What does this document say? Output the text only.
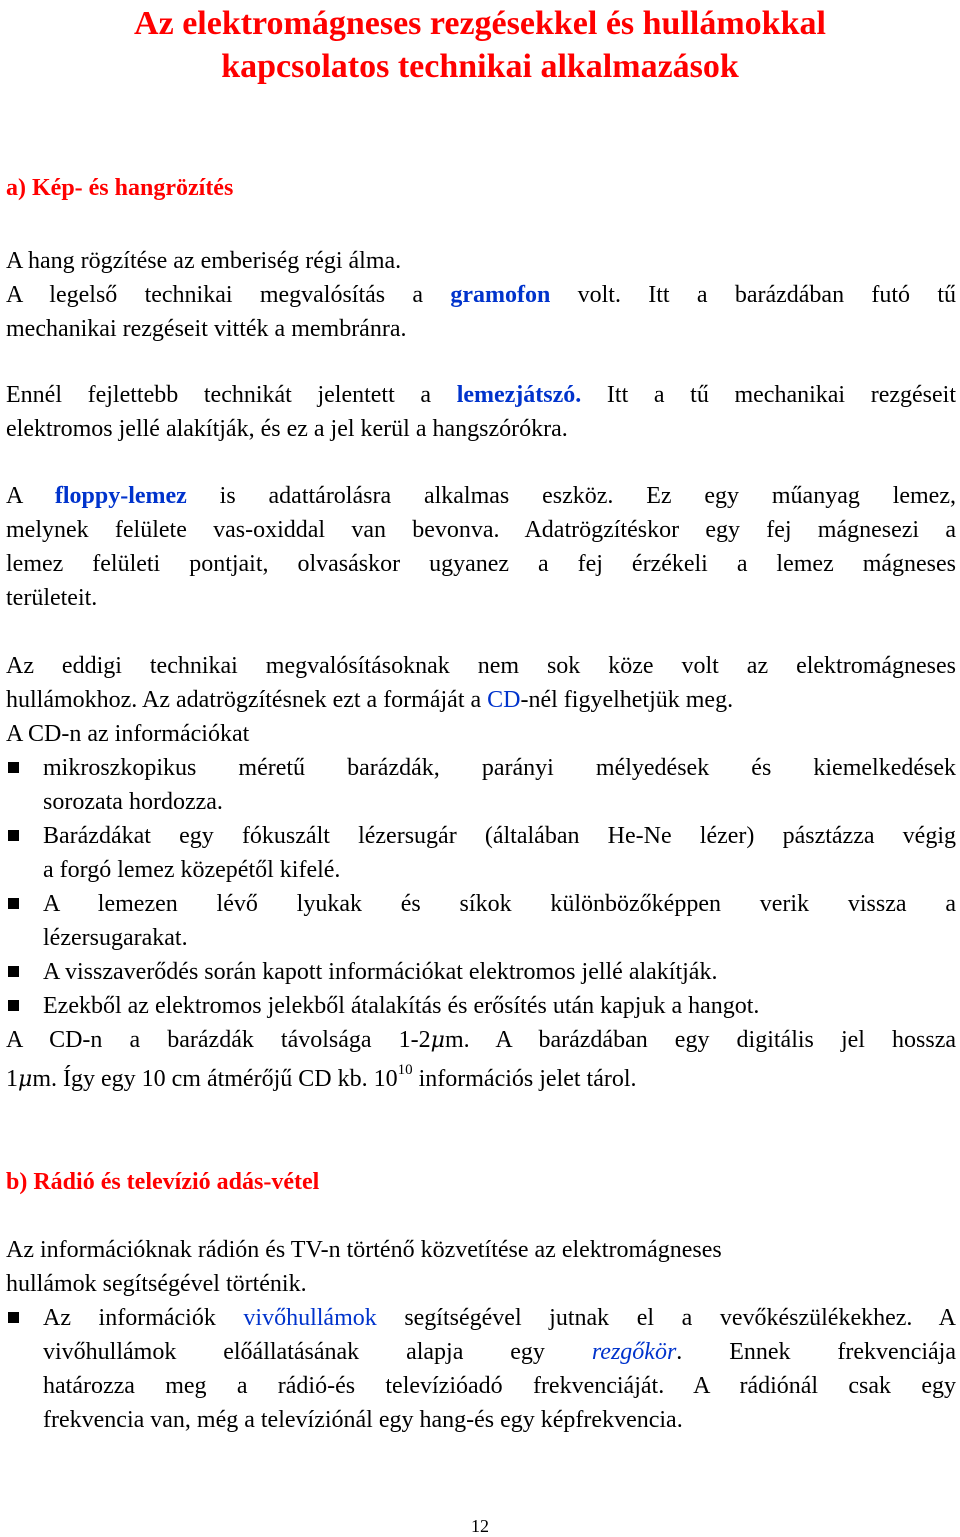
Az elektromágneses rezgésekkel és hullámokkal
kapcsolatos technikai alkalmazások
a) Kép- és hangrözítés
A hang rögzítése az emberiség régi álma.
A legelső technikai megvalósítás a gramofon volt. Itt a barázdában futó tű
mechanikai rezgéseit vitték a membránra.
Ennél fejlettebb technikát jelentett a lemezjátszó. Itt a tű mechanikai rezgéseit
elektromos jellé alakítják, és ez a jel kerül a hangszórókra.
A floppy-lemez is adattárolásra alkalmas eszköz. Ez egy műanyag lemez,
melynek felülete vas-oxiddal van bevonva. Adatrögzítéskor egy fej mágnesezi a
lemez felületi pontjait, olvasáskor ugyanez a fej érzékeli a lemez mágneses
területeit.
Az eddigi technikai megvalósításoknak nem sok köze volt az elektromágneses
hullámokhoz. Az adatrögzítésnek ezt a formáját a CD-nél figyelhetjük meg.
A CD-n az információkat
mikroszkopikus méretű barázdák, parányi mélyedések és kiemelkedések
sorozata hordozza.
Barázdákat egy fókuszált lézersugár (általában He-Ne lézer) pásztázza végig
a forgó lemez közepétől kifelé.
A lemezen lévő lyukak és síkok különbözőképpen verik vissza a
lézersugarakat.
A visszaverődés során kapott információkat elektromos jellé alakítják.
Ezekből az elektromos jelekből átalakítás és erősítés után kapjuk a hangot.
A CD-n a barázdák távolsága 1-2μm. A barázdában egy digitális jel hossza
1μm. Így egy 10 cm átmérőjű CD kb. $10^{10}$ információs jelet tárol.
b) Rádió és televízió adás-vétel
Az információknak rádión és TV-n történő közvetítése az elektromágneses
hullámok segítségével történik.
Az információk vivőhullámok segítségével jutnak el a vevőkészülékekhez. A
vivőhullámok előállatásának alapja egy rezgőkör. Ennek frekvenciája
határozza meg a rádió-és televízióadó frekvenciáját. A rádiónál csak egy
frekvencia van, még a televíziónál egy hang-és egy képfrekvencia.
12
